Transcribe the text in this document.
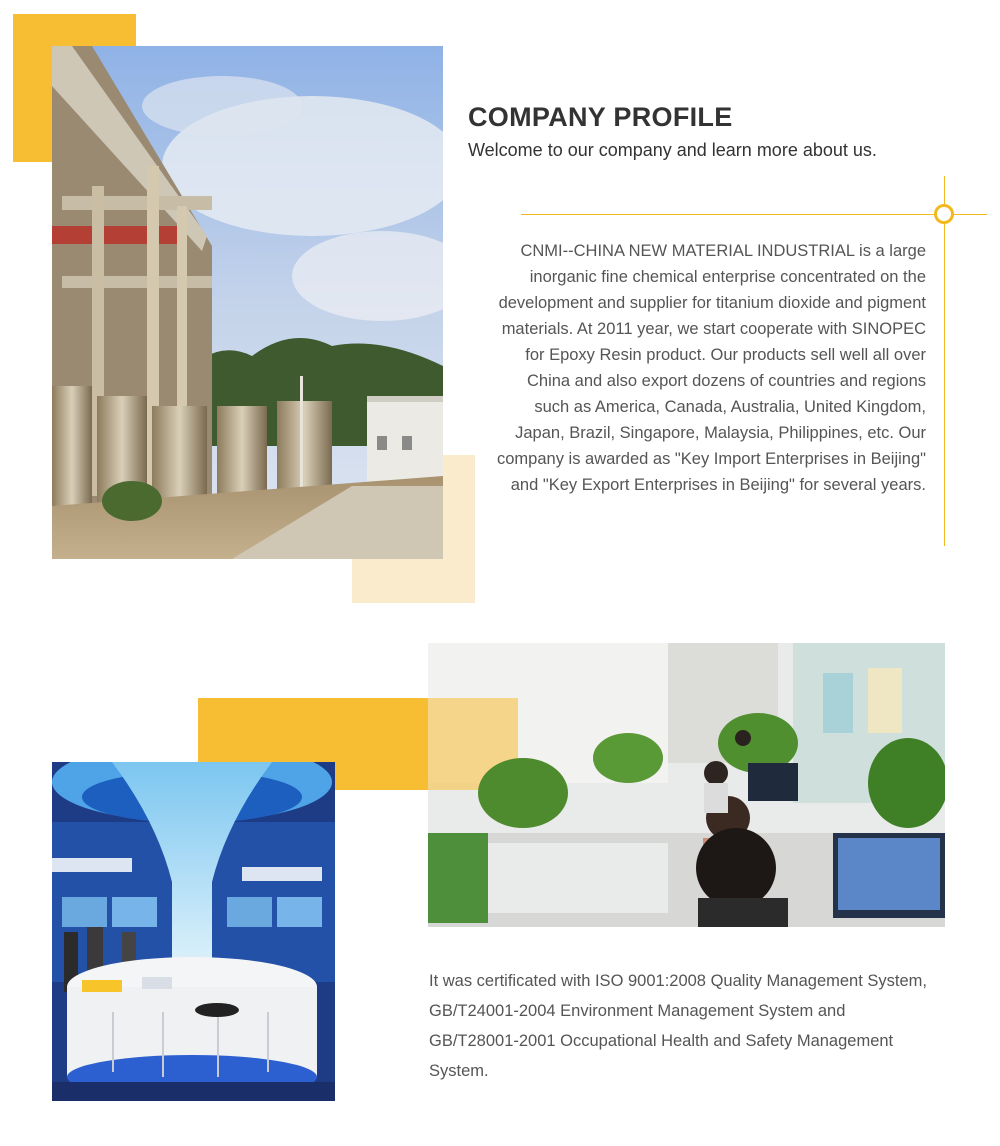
COMPANY PROFILE
Welcome to our company and learn more about us.
CNMI--CHINA NEW MATERIAL INDUSTRIAL is a large inorganic fine chemical enterprise concentrated on the development and supplier for titanium dioxide and pigment materials. At 2011 year, we start cooperate with SINOPEC for Epoxy Resin product. Our products sell well all over China and also export dozens of countries and regions such as America, Canada, Australia, United Kingdom, Japan, Brazil, Singapore, Malaysia, Philippines, etc. Our company is awarded as "Key Import Enterprises in Beijing" and "Key Export Enterprises in Beijing" for several years.
It was certificated with ISO 9001:2008 Quality Management System, GB/T24001-2004 Environment Management System and GB/T28001-2001 Occupational Health and Safety Management System.
